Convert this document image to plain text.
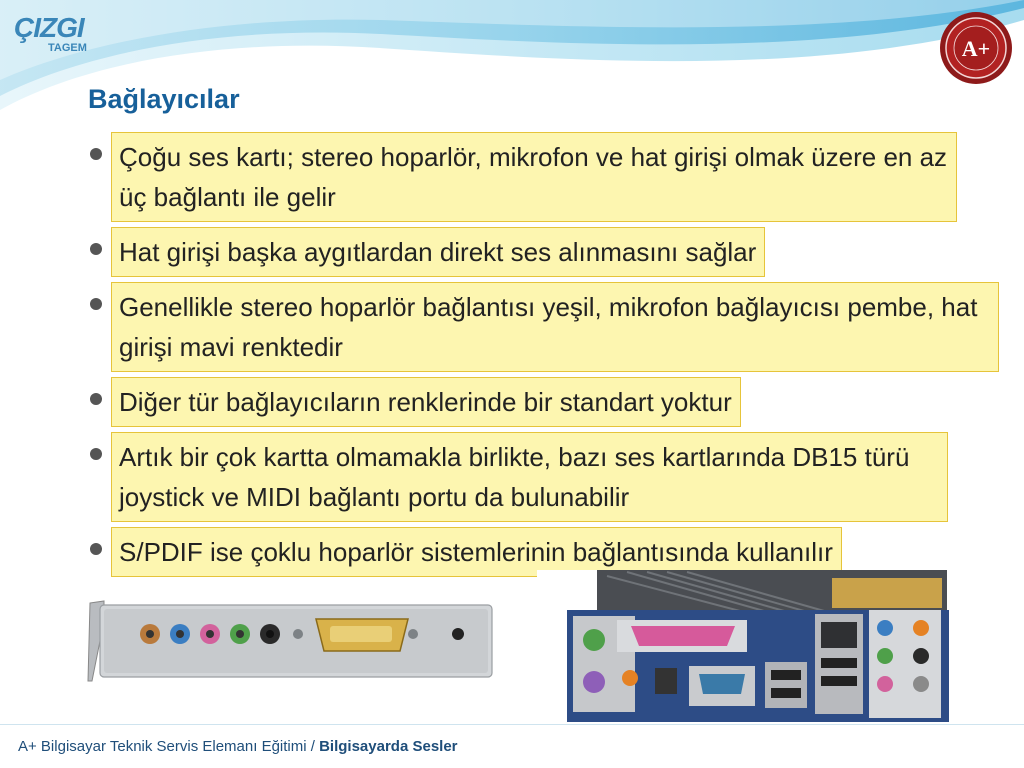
ÇIZGI
TAGEM	A+
Bağlayıcılar
Çoğu ses kartı; stereo hoparlör, mikrofon ve hat girişi olmak üzere en az üç bağlantı ile gelir
Hat girişi başka aygıtlardan direkt ses alınmasını sağlar
Genellikle stereo hoparlör bağlantısı yeşil, mikrofon bağlayıcısı pembe, hat girişi mavi renktedir
Diğer tür bağlayıcıların renklerinde bir standart yoktur
Artık bir çok kartta olmamakla birlikte, bazı ses kartlarında DB15 türü joystick ve MIDI bağlantı portu da bulunabilir
S/PDIF ise çoklu hoparlör sistemlerinin bağlantısında kullanılır
A+ Bilgisayar Teknik Servis Elemanı Eğitimi / Bilgisayarda Sesler
